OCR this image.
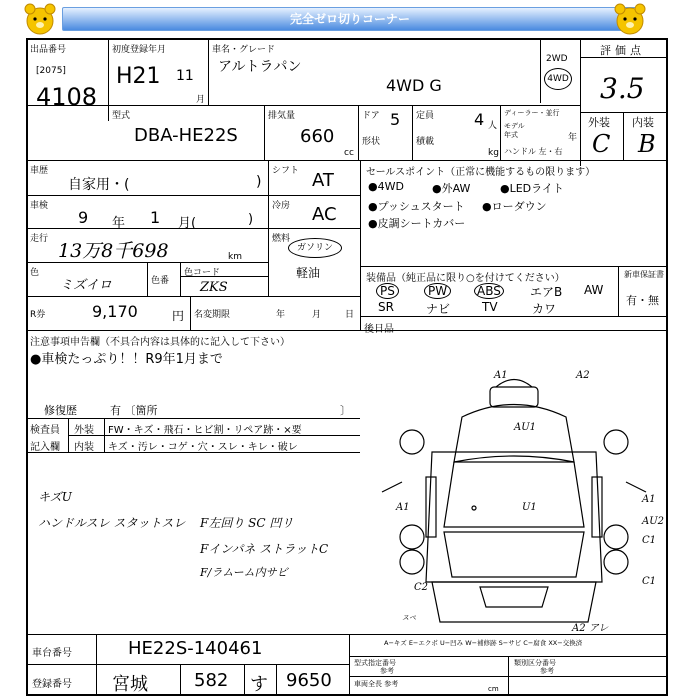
完全ゼロ切りコーナー
出品番号
[2075]
4108
初度登録年月
H21 11
月
車名・グレード
アルトラパン
4WD G
2WD
4WD
評価点
3.5
型式
DBA-HE22S
排気量
660
cc
ドア 5
形状
定員 4 人
積載
kg
ディーラー・並行
モデル
年式	年
ハンドル 左・右
外装 内装
C B
車歴
自家用・(	)
シフト AT
車検
9 年 1 月(	)
冷房 AC
走行
13万8千698	km
燃料
ガソリン
軽油
色
ミズイロ	色番
色コード
ZKS
R券	9,170	円 名変期限	年	月	日
セールスポイント（正常に機能するもの限ります）
●4WD	●外AW	●LEDライト
●プッシュスタート ●ローダウン
●皮調シートカバー
装備品（純正品に限り○を付けてください）	新車保証書
有・無
PS	PW	ABS エアB AW
SR	ナビ	TV	カワ
後日品
注意事項申告欄（不具合内容は具体的に記入して下さい）
●車検たっぷり！！R9年1月まで
修復歴	有 〔箇所	〕
検査員
記入欄
外装
内装
FW・キズ・飛石・ヒビ割・リペア跡・×要
キズ・汚レ・コゲ・穴・スレ・キレ・破レ
キズU
ハンドルスレ スタットスレ F左回り SC 凹リ
Fインパネ ストラットC
F/ラムーム内サビ
A1	A2
AU1
U1
A1
A1
AU2
C1
C2
C1
A2 アレ
スペ
車台番号	HE22S-140461
登録番号 宮城	582 す 9650
A−キズ E−エクボ U−凹み W−補修跡 S−サビ C−腐食 XX−交換済
型式指定番号	類別区分番号
参考	参考
車両全長 参考
cm
